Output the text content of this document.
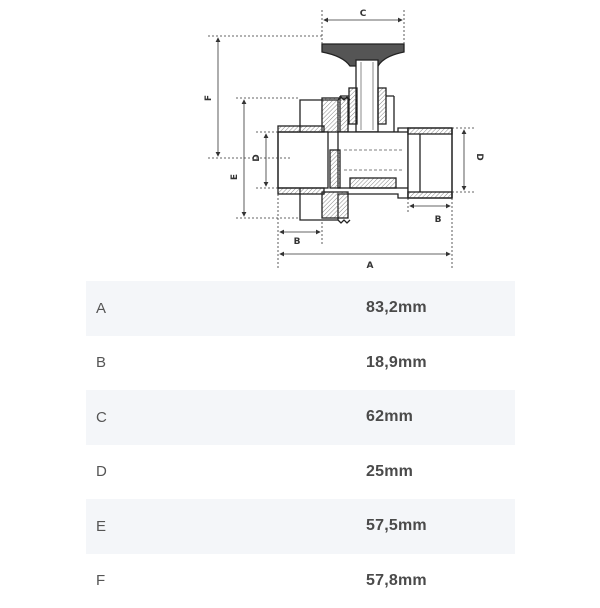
C
F
E
D	D
B
B
A
A	83,2mm
B	18,9mm
C	62mm
D	25mm
E	57,5mm
F	57,8mm
